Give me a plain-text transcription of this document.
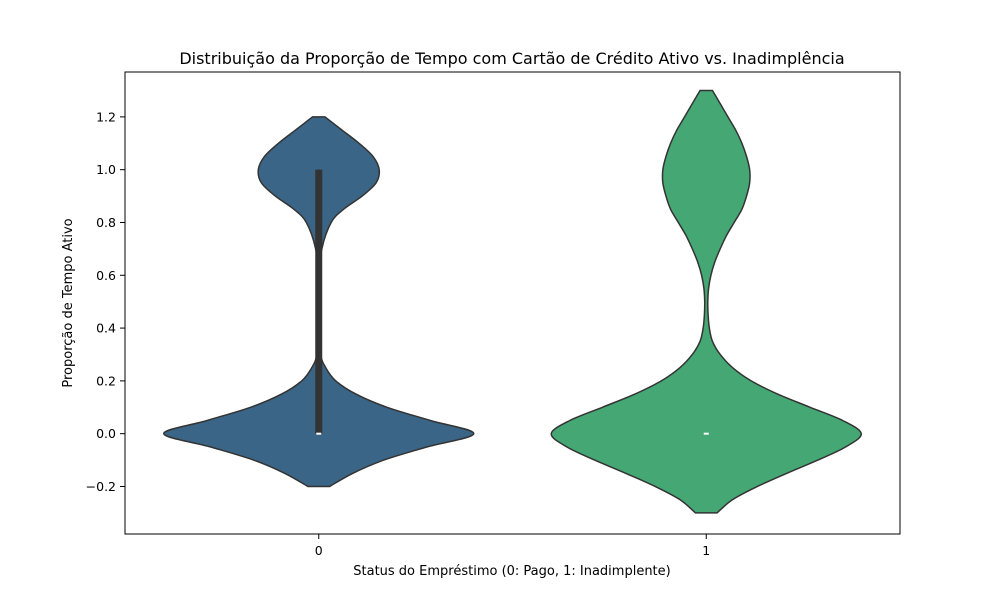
Distribuição da Proporção de Tempo com Cartão de Crédito Ativo vs. Inadimplência
−0.2
0.0
0.2
0.4
0.6
0.8
1.0
1.2
0	1
Status do Empréstimo (0: Pago, 1: Inadimplente)
Proporção de Tempo Ativo
